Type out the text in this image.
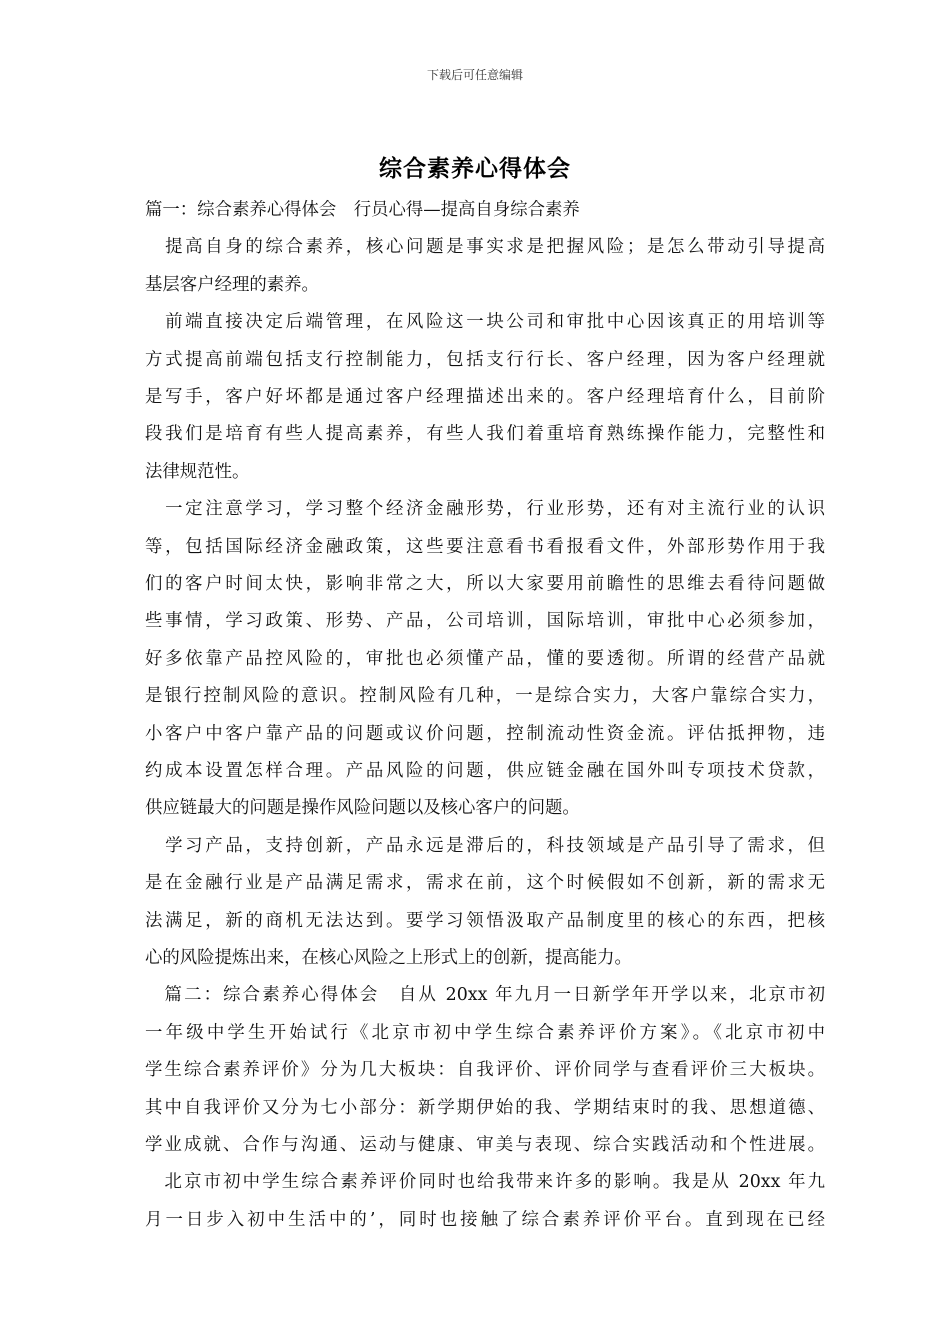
下载后可任意编辑
综合素养心得体会
篇一：综合素养心得体会　行员心得—提高自身综合素养
　提高自身的综合素养，核心问题是事实求是把握风险；是怎么带动引导提高
基层客户经理的素养。
　前端直接决定后端管理，在风险这一块公司和审批中心因该真正的用培训等
方式提高前端包括支行控制能力，包括支行行长、客户经理，因为客户经理就
是写手，客户好坏都是通过客户经理描述出来的。客户经理培育什么，目前阶
段我们是培育有些人提高素养，有些人我们着重培育熟练操作能力，完整性和
法律规范性。
　一定注意学习，学习整个经济金融形势，行业形势，还有对主流行业的认识
等，包括国际经济金融政策，这些要注意看书看报看文件，外部形势作用于我
们的客户时间太快，影响非常之大，所以大家要用前瞻性的思维去看待问题做
些事情，学习政策、形势、产品，公司培训，国际培训，审批中心必须参加，
好多依靠产品控风险的，审批也必须懂产品，懂的要透彻。所谓的经营产品就
是银行控制风险的意识。控制风险有几种，一是综合实力，大客户靠综合实力，
小客户中客户靠产品的问题或议价问题，控制流动性资金流。评估抵押物，违
约成本设置怎样合理。产品风险的问题，供应链金融在国外叫专项技术贷款，
供应链最大的问题是操作风险问题以及核心客户的问题。
　学习产品，支持创新，产品永远是滞后的，科技领域是产品引导了需求，但
是在金融行业是产品满足需求，需求在前，这个时候假如不创新，新的需求无
法满足，新的商机无法达到。要学习领悟汲取产品制度里的核心的东西，把核
心的风险提炼出来，在核心风险之上形式上的创新，提高能力。
　篇二：综合素养心得体会　自从 20xx 年九月一日新学年开学以来，北京市初
一年级中学生开始试行《北京市初中学生综合素养评价方案》。《北京市初中
学生综合素养评价》分为几大板块：自我评价、评价同学与查看评价三大板块。
其中自我评价又分为七小部分：新学期伊始的我、学期结束时的我、思想道德、
学业成就、合作与沟通、运动与健康、审美与表现、综合实践活动和个性进展。
　北京市初中学生综合素养评价同时也给我带来许多的影响。我是从 20xx 年九
月一日步入初中生活中的’，同时也接触了综合素养评价平台。直到现在已经
